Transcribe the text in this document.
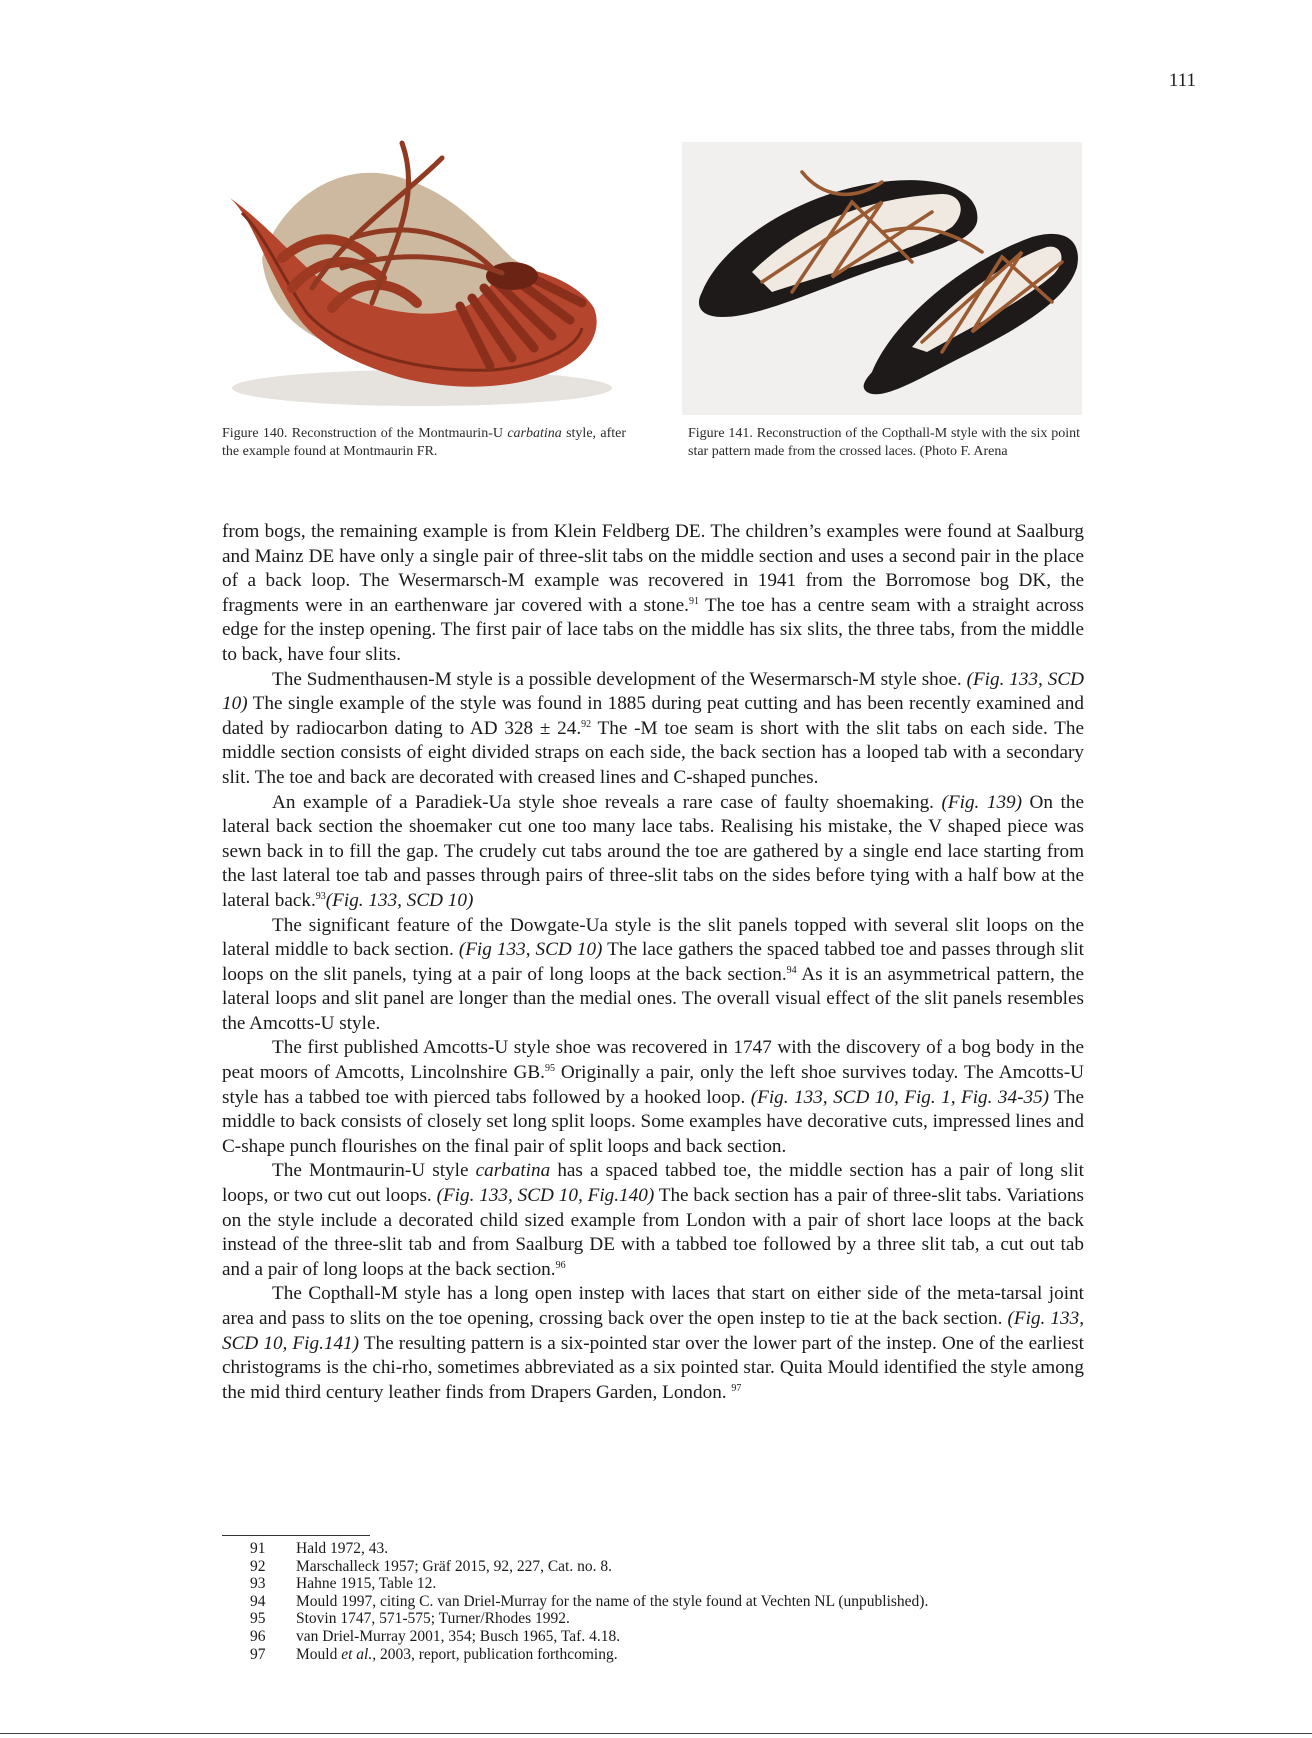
111
Figure 140. Reconstruction of the Montmaurin-U carbatina style, after the example found at Montmaurin FR.
Figure 141. Reconstruction of the Copthall-M style with the six point star pattern made from the crossed laces. (Photo F. Arena

from bogs, the remaining example is from Klein Feldberg DE. The children’s examples were found at Saalburg and Mainz DE have only a single pair of three-slit tabs on the middle section and uses a second pair in the place of a back loop. The Wesermarsch-M example was recovered in 1941 from the Borromose bog DK, the fragments were in an earthenware jar covered with a stone.$^{91}$ The toe has a centre seam with a straight across edge for the instep opening. The first pair of lace tabs on the middle has six slits, the three tabs, from the middle to back, have four slits.

The Sudmenthausen-M style is a possible development of the Wesermarsch-M style shoe. (Fig. 133, SCD 10) The single example of the style was found in 1885 during peat cutting and has been recently examined and dated by radiocarbon dating to AD 328 ± 24.92 The -M toe seam is short with the slit tabs on each side. The middle section consists of eight divided straps on each side, the back section has a looped tab with a secondary slit. The toe and back are decorated with creased lines and C-shaped punches.

An example of a Paradiek-Ua style shoe reveals a rare case of faulty shoemaking. (Fig. 139) On the lateral back section the shoemaker cut one too many lace tabs. Realising his mistake, the V shaped piece was sewn back in to fill the gap. The crudely cut tabs around the toe are gathered by a single end lace starting from the last lateral toe tab and passes through pairs of three-slit tabs on the sides before tying with a half bow at the lateral back.$^{93}$(Fig. 133, SCD 10)

The significant feature of the Dowgate-Ua style is the slit panels topped with several slit loops on the lateral middle to back section. (Fig 133, SCD 10) The lace gathers the spaced tabbed toe and passes through slit loops on the slit panels, tying at a pair of long loops at the back section.$^{94}$ As it is an asymmetrical pattern, the lateral loops and slit panel are longer than the medial ones. The overall visual effect of the slit panels resembles the Amcotts-U style.

The first published Amcotts-U style shoe was recovered in 1747 with the discovery of a bog body in the peat moors of Amcotts, Lincolnshire GB.$^{95}$ Originally a pair, only the left shoe survives today. The Amcotts-U style has a tabbed toe with pierced tabs followed by a hooked loop. (Fig. 133, SCD 10, Fig. 1, Fig. 34-35) The middle to back consists of closely set long split loops. Some examples have decorative cuts, impressed lines and C-shape punch flourishes on the final pair of split loops and back section.

The Montmaurin-U style carbatina has a spaced tabbed toe, the middle section has a pair of long slit loops, or two cut out loops. (Fig. 133, SCD 10, Fig.140) The back section has a pair of three-slit tabs. Variations on the style include a decorated child sized example from London with a pair of short lace loops at the back instead of the three-slit tab and from Saalburg DE with a tabbed toe followed by a three slit tab, a cut out tab and a pair of long loops at the back section.$^{96}$

The Copthall-M style has a long open instep with laces that start on either side of the meta-tarsal joint area and pass to slits on the toe opening, crossing back over the open instep to tie at the back section. (Fig. 133, SCD 10, Fig.141) The resulting pattern is a six-pointed star over the lower part of the instep. One of the earliest christograms is the chi-rho, sometimes abbreviated as a six pointed star. Quita Mould identified the style among the mid third century leather finds from Drapers Garden, London. $^{97}$

91	Hald 1972, 43.
92	Marschalleck 1957; Gräf 2015, 92, 227, Cat. no. 8.
93	Hahne 1915, Table 12.
94	Mould 1997, citing C. van Driel-Murray for the name of the style found at Vechten NL (unpublished).
95	Stovin 1747, 571-575; Turner/Rhodes 1992.
96	van Driel-Murray 2001, 354; Busch 1965, Taf. 4.18.
97	Mould et al., 2003, report, publication forthcoming.
